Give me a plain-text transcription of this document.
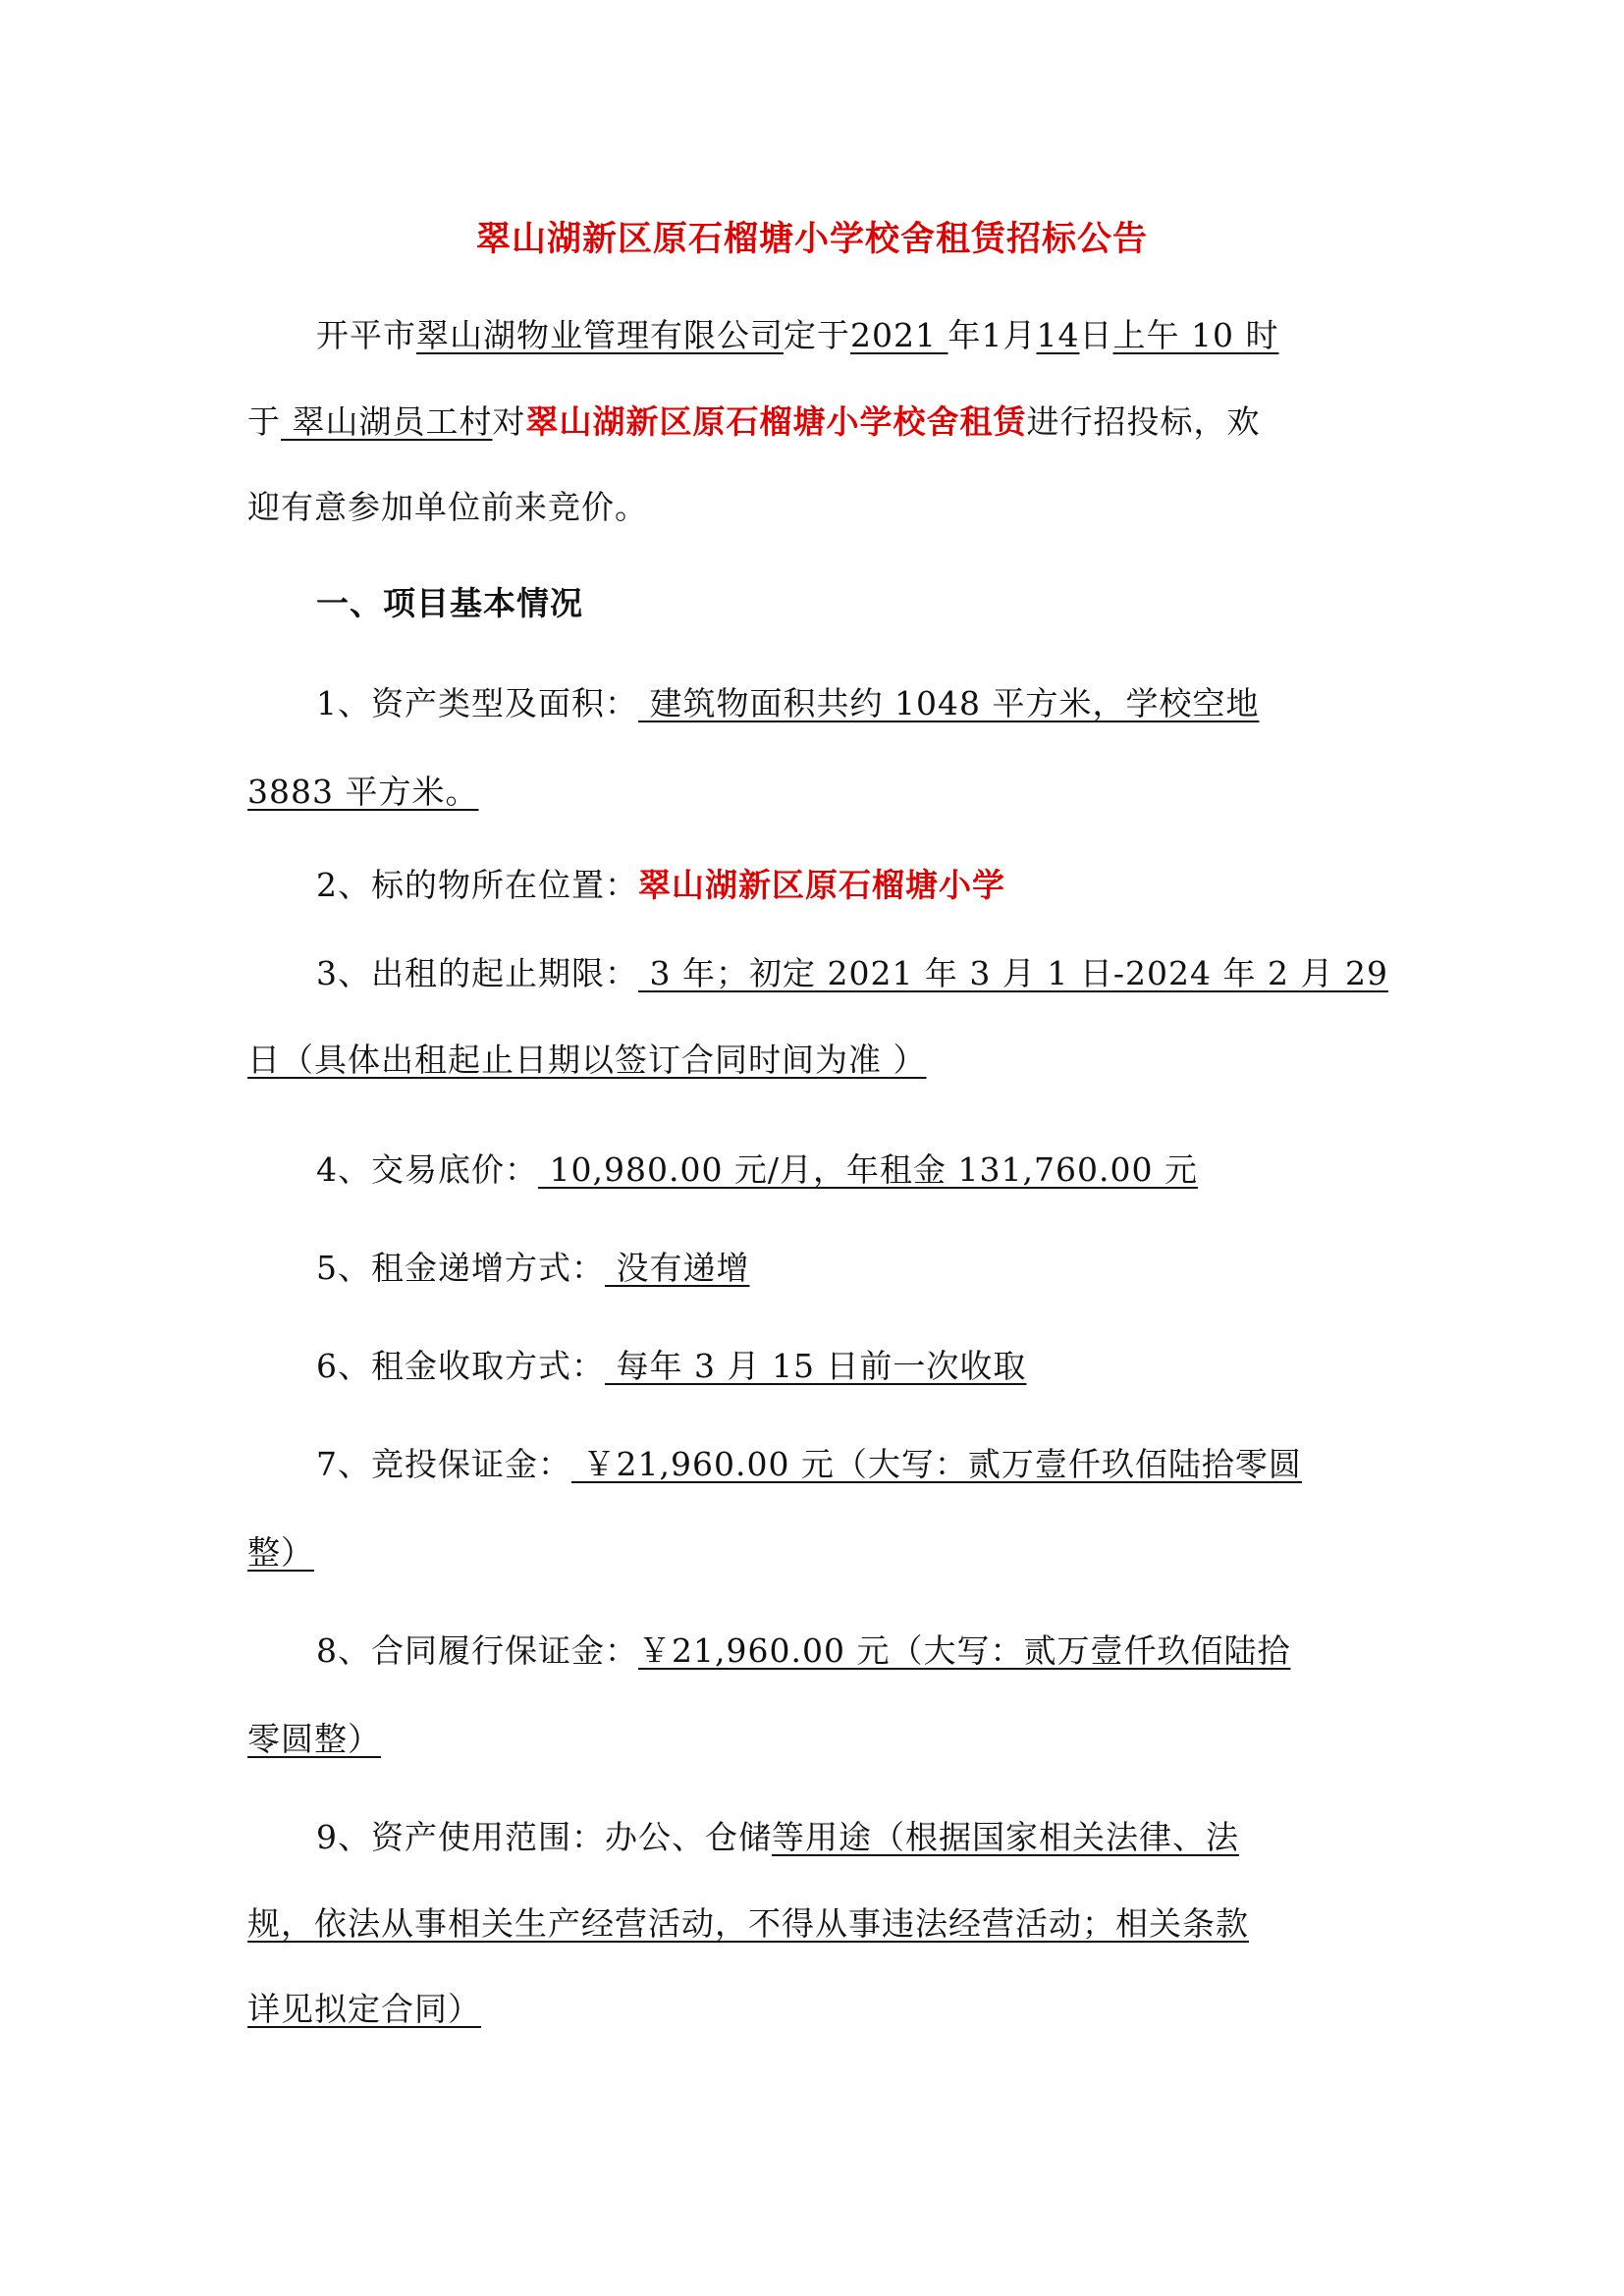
翠山湖新区原石榴塘小学校舍租赁招标公告
开平市翠山湖物业管理有限公司定于2021 年1月14日上午 10 时
于 翠山湖员工村对翠山湖新区原石榴塘小学校舍租赁进行招投标，欢
迎有意参加单位前来竞价。
一、项目基本情况
1、资产类型及面积： 建筑物面积共约 1048 平方米，学校空地
3883 平方米。
2、标的物所在位置：翠山湖新区原石榴塘小学
3、出租的起止期限： 3 年；初定 2021 年 3 月 1 日-2024 年 2 月 29
日（具体出租起止日期以签订合同时间为准 ）
4、交易底价： 10,980.00 元/月，年租金 131,760.00 元
5、租金递增方式： 没有递增
6、租金收取方式： 每年 3 月 15 日前一次收取
7、竞投保证金： ￥21,960.00 元（大写：贰万壹仟玖佰陆拾零圆
整）
8、合同履行保证金：￥21,960.00 元（大写：贰万壹仟玖佰陆拾
零圆整）
9、资产使用范围：办公、仓储等用途（根据国家相关法律、法
规，依法从事相关生产经营活动，不得从事违法经营活动；相关条款
详见拟定合同）
